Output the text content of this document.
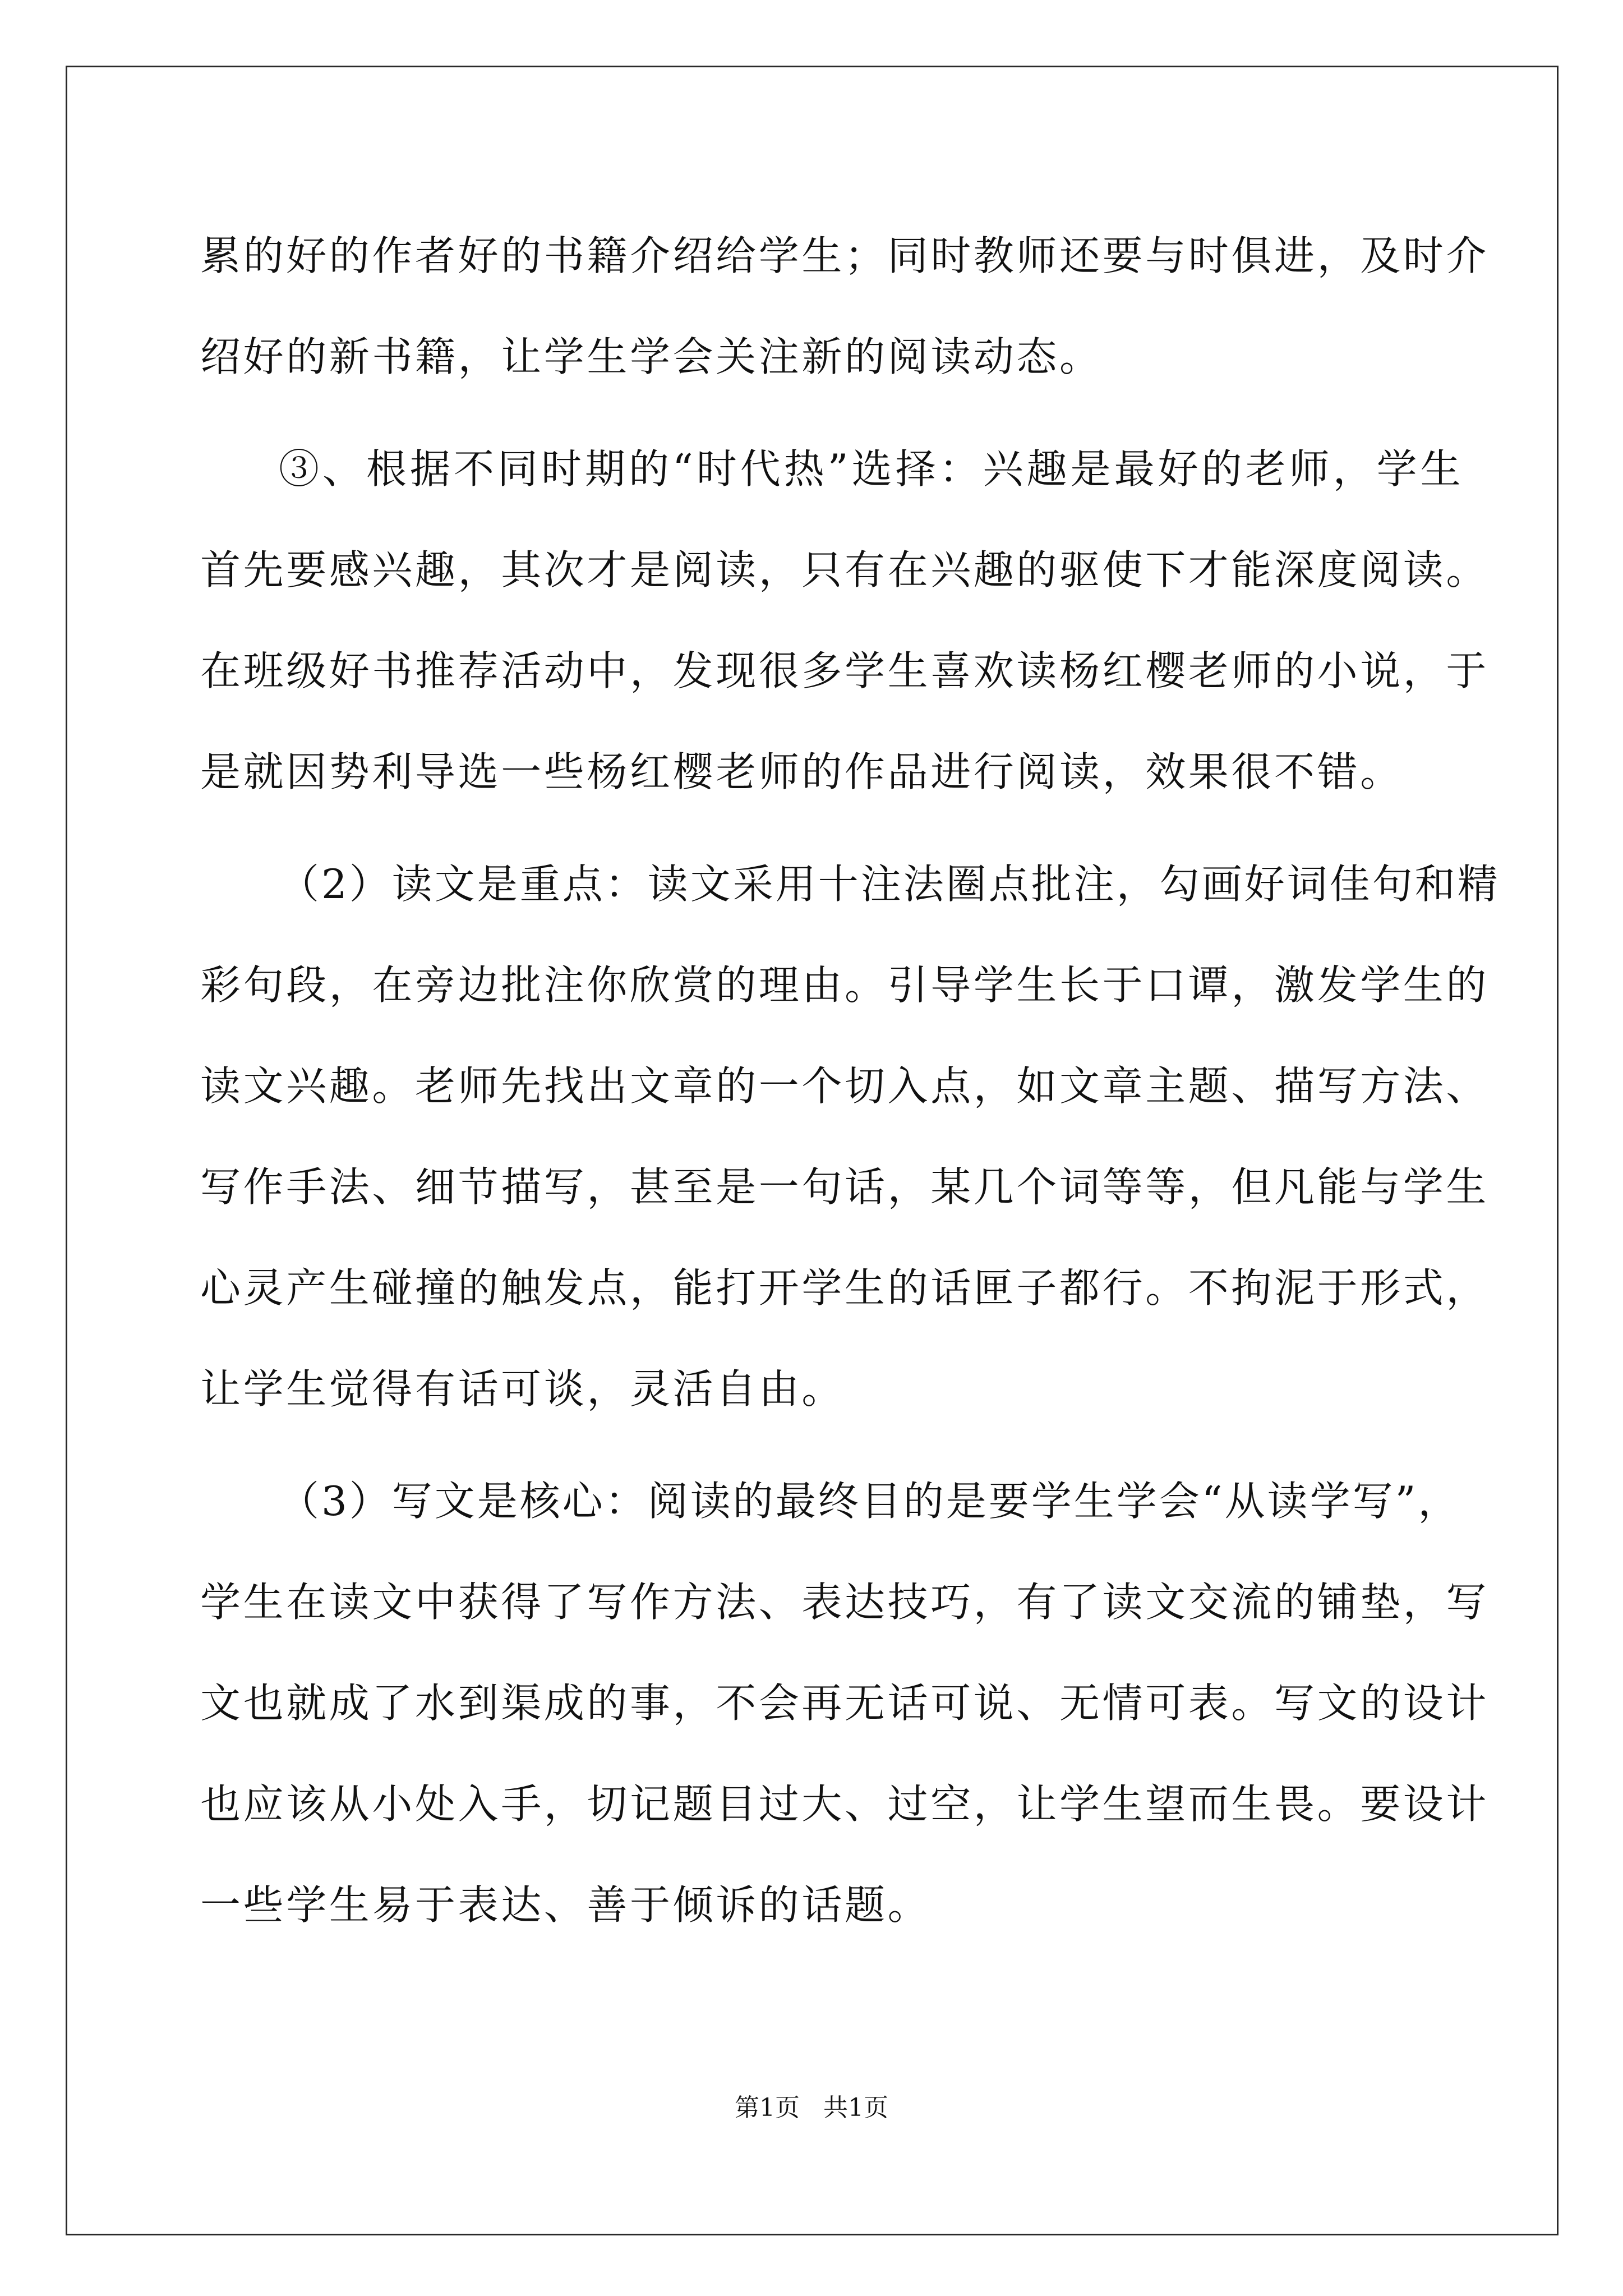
累的好的作者好的书籍介绍给学生；同时教师还要与时俱进，及时介
绍好的新书籍，让学生学会关注新的阅读动态。
③、根据不同时期的“时代热”选择：兴趣是最好的老师，学生
首先要感兴趣，其次才是阅读，只有在兴趣的驱使下才能深度阅读。
在班级好书推荐活动中，发现很多学生喜欢读杨红樱老师的小说，于
是就因势利导选一些杨红樱老师的作品进行阅读，效果很不错。
（2）读文是重点：读文采用十注法圈点批注，勾画好词佳句和精
彩句段，在旁边批注你欣赏的理由。引导学生长于口谭，激发学生的
读文兴趣。老师先找出文章的一个切入点，如文章主题、描写方法、
写作手法、细节描写，甚至是一句话，某几个词等等，但凡能与学生
心灵产生碰撞的触发点，能打开学生的话匣子都行。不拘泥于形式，
让学生觉得有话可谈，灵活自由。
（3）写文是核心：阅读的最终目的是要学生学会“从读学写”，
学生在读文中获得了写作方法、表达技巧，有了读文交流的铺垫，写
文也就成了水到渠成的事，不会再无话可说、无情可表。写文的设计
也应该从小处入手，切记题目过大、过空，让学生望而生畏。要设计
一些学生易于表达、善于倾诉的话题。
第1页 共1页
